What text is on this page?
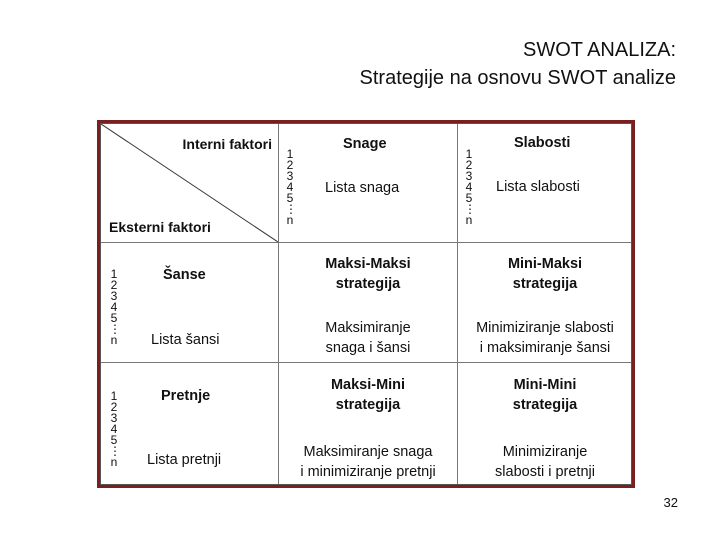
SWOT ANALIZA:
Strategije na osnovu SWOT analize
Interni faktori
Eksterni faktori
1
2
3
4
5
⋮
n
Snage
Lista snaga
1
2
3
4
5
⋮
n
Slabosti
Lista slabosti
1
2
3
4
5
⋮
n
Šanse
Lista šansi
Maksi-Maksi
strategija
Maksimiranje
snaga i šansi
Mini-Maksi
strategija
Minimiziranje slabosti
i maksimiranje šansi
1
2
3
4
5
⋮
n
Pretnje
Lista pretnji
Maksi-Mini
strategija
Maksimiranje snaga
i minimiziranje pretnji
Mini-Mini
strategija
Minimiziranje
slabosti i pretnji
32
